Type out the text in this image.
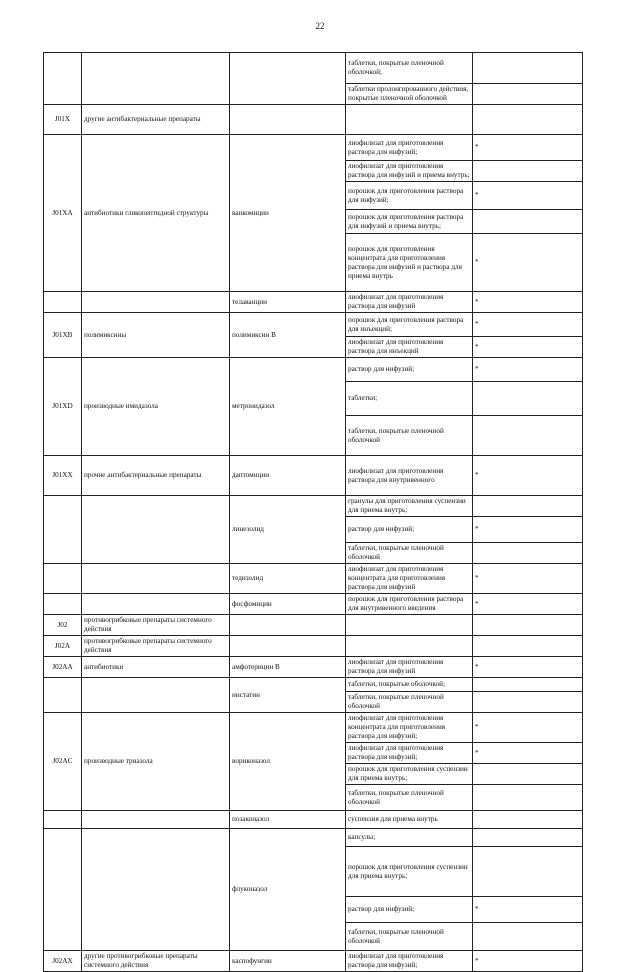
22
			таблетки, покрытые пленочной оболочкой;	
			таблетки пролонгированного действия, покрытые пленочной оболочкой	
J01X	другие антибактериальные препараты			
J01XA	антибиотики гликопептидной структуры	ванкомицин	лиофилизат для приготовления раствора для инфузий;	*
			лиофилизат для приготовления раствора для инфузий и приема внутрь;	
			порошок для приготовления раствора для инфузий;	*
			порошок для приготовления раствора для инфузий и приема внутрь;	
			порошок для приготовления концентрата для приготовления раствора для инфузий и раствора для приема внутрь	*
		телаванцин	лиофилизат для приготовления раствора для инфузий	*
J01XB	полимиксины	полимиксин В	порошок для приготовления раствора для инъекций;	*
			лиофилизат для приготовления раствора для инъекций	*
J01XD	производные имидазола	метронидазол	раствор для инфузий;	*
			таблетки;	
			таблетки, покрытые пленочной оболочкой	
J01XX	прочие антибактериальные препараты	даптомицин	лиофилизат для приготовления раствора для внутривенного	*
		линезолид	гранулы для приготовления суспензии для приема внутрь;	
			раствор для инфузий;	*
			таблетки, покрытые пленочной оболочкой	
		тедизолид	лиофилизат для приготовления концентрата для приготовления раствора для инфузий	*
		фосфомицин	порошок для приготовления раствора для внутривенного введения	*
J02	противогрибковые препараты системного действия			
J02A	противогрибковые препараты системного действия			
J02AA	антибиотики	амфотерицин В	лиофилизат для приготовления раствора для инфузий	*
		нистатин	таблетки, покрытые оболочкой;	
			таблетки, покрытые пленочной оболочкой	
J02AC	производные триазола	вориконазол	лиофилизат для приготовления концентрата для приготовления раствора для инфузий;	*
			лиофилизат для приготовления раствора для инфузий;	*
			порошок для приготовления суспензии для приема внутрь;	
			таблетки, покрытые пленочной оболочкой	
		позаконазол	суспензия для приема внутрь	
		флуконазол	капсулы;	
			порошок для приготовления суспензии для приема внутрь;	
			раствор для инфузий;	*
			таблетки, покрытые пленочной оболочкой	
J02AX	другие противогрибковые препараты системного действия	каспофунгин	лиофилизат для приготовления раствора для инфузий;	*
